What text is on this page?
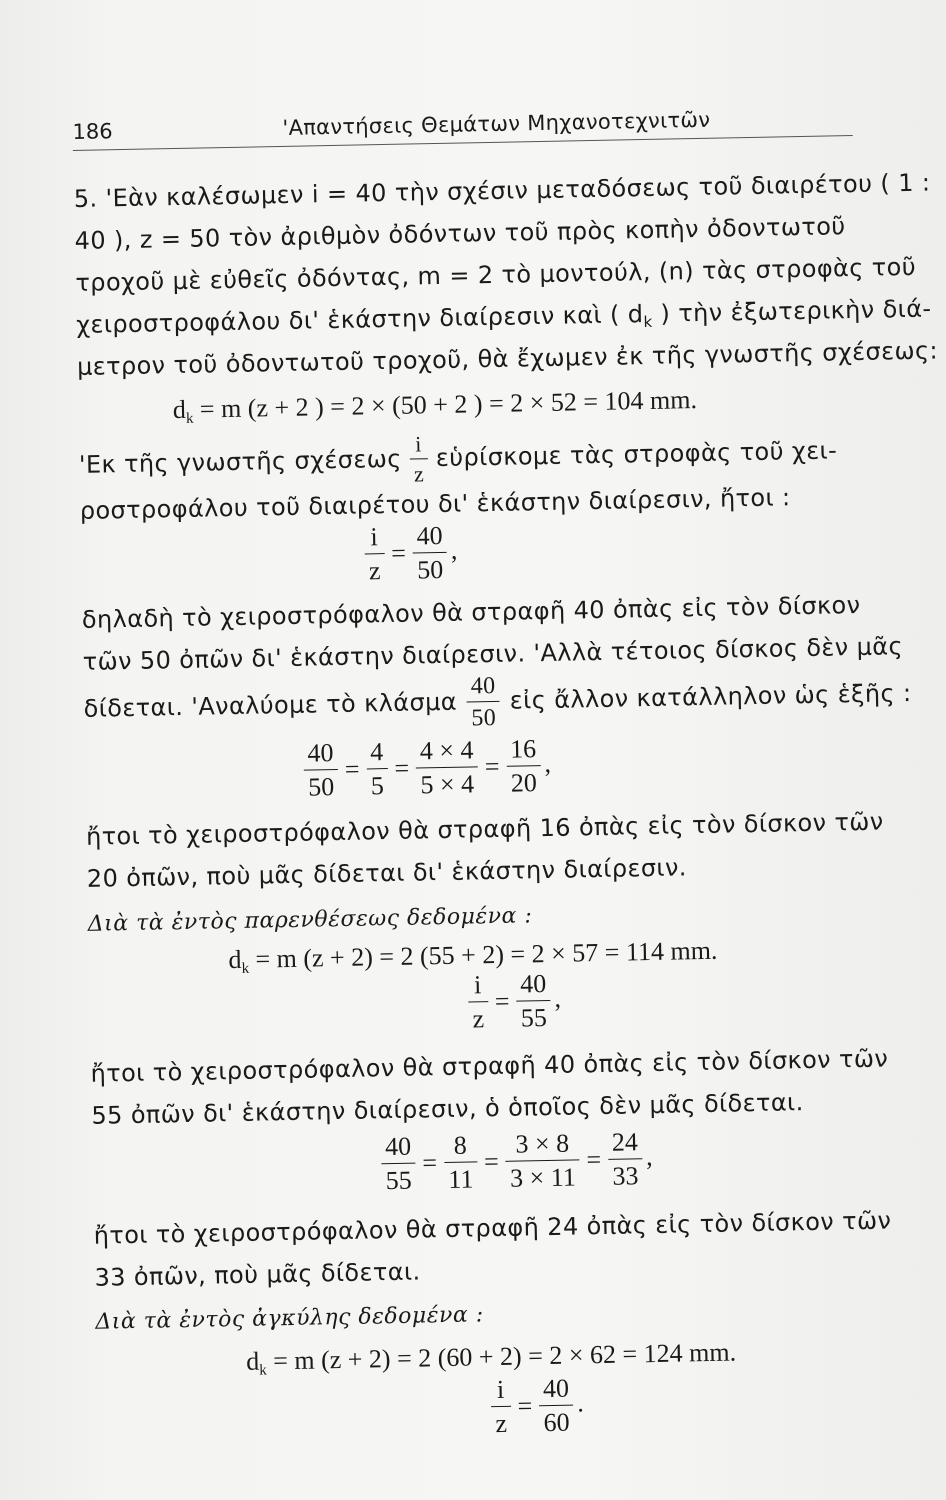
186	'Απαντήσεις Θεμάτων Μηχανοτεχνιτῶν
5. 'Εὰν καλέσωμεν i = 40 τὴν σχέσιν μεταδόσεως τοῦ διαιρέτου ( 1 :
40 ), z = 50 τὸν ἀριθμὸν ὀδόντων τοῦ πρὸς κοπὴν ὀδοντωτοῦ
τροχοῦ μὲ εὐθεῖς ὀδόντας, m = 2 τὸ μοντούλ, (n) τὰς στροφὰς τοῦ
χειροστροφάλου δι' ἑκάστην διαίρεσιν καὶ ( $d_k$ ) τὴν ἐξωτερικὴν διά-
μετρον τοῦ ὀδοντωτοῦ τροχοῦ, θὰ ἔχωμεν ἐκ τῆς γνωστῆς σχέσεως:
$d_k = m$ (z + 2 ) = 2 × (50 + 2 ) = 2 × 52 = 104 mm.
'Εκ τῆς γνωστῆς σχέσεως $\frac{i}{z}$ εὑρίσκομε τὰς στροφὰς τοῦ χει-
ροστροφάλου τοῦ διαιρέτου δι' ἑκάστην διαίρεσιν, ἤτοι :
$\frac{i}{z} = \frac{40}{50}$ ,
δηλαδὴ τὸ χειροστρόφαλον θὰ στραφῆ 40 ὀπὰς εἰς τὸν δίσκον
τῶν 50 ὀπῶν δι' ἑκάστην διαίρεσιν. 'Αλλὰ τέτοιος δίσκος δὲν μᾶς
δίδεται. 'Αναλύομε τὸ κλάσμα $\frac{40}{50}$ εἰς ἄλλον κατάλληλον ὡς ἑξῆς :
$\frac{40}{50} = \frac{4}{5} = \frac{4 \times 4}{5 \times 4} = \frac{16}{20}$ ,
ἤτοι τὸ χειροστρόφαλον θὰ στραφῆ 16 ὀπὰς εἰς τὸν δίσκον τῶν
20 ὀπῶν, ποὺ μᾶς δίδεται δι' ἑκάστην διαίρεσιν.
Διὰ τὰ ἐντὸς παρενθέσεως δεδομένα :
$d_k = m$ (z + 2) = 2 (55 + 2) = 2 × 57 = 114 mm.
$\frac{i}{z} = \frac{40}{55}$ ,
ἤτοι τὸ χειροστρόφαλον θὰ στραφῆ 40 ὀπὰς εἰς τὸν δίσκον τῶν
55 ὀπῶν δι' ἑκάστην διαίρεσιν, ὁ ὁποῖος δὲν μᾶς δίδεται.
$\frac{40}{55} = \frac{8}{11} = \frac{3 \times 8}{3 \times 11} = \frac{24}{33}$ ,
ἤτοι τὸ χειροστρόφαλον θὰ στραφῆ 24 ὀπὰς εἰς τὸν δίσκον τῶν
33 ὀπῶν, ποὺ μᾶς δίδεται.
Διὰ τὰ ἐντὸς ἀγκύλης δεδομένα :
$d_k = m$ (z + 2) = 2 (60 + 2) = 2 × 62 = 124 mm.
$\frac{i}{z} = \frac{40}{60}$ .
